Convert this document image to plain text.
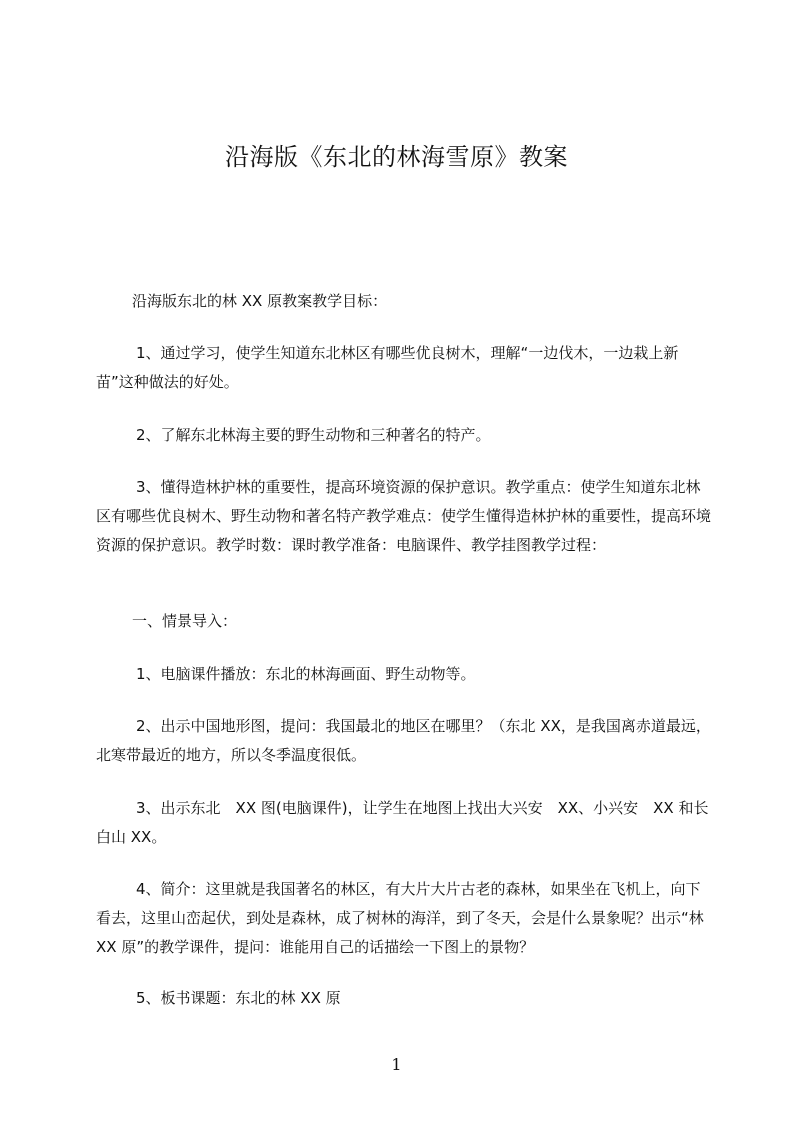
沿海版《东北的林海雪原》教案

沿海版东北的林 XX 原教案教学目标：

1、通过学习，使学生知道东北林区有哪些优良树木，理解“一边伐木，一边栽上新苗”这种做法的好处。

2、了解东北林海主要的野生动物和三种著名的特产。

3、懂得造林护林的重要性，提高环境资源的保护意识。教学重点：使学生知道东北林区有哪些优良树木、野生动物和著名特产教学难点：使学生懂得造林护林的重要性，提高环境资源的保护意识。教学时数：课时教学准备：电脑课件、教学挂图教学过程：

一、情景导入：

1、电脑课件播放：东北的林海画面、野生动物等。

2、出示中国地形图，提问：我国最北的地区在哪里？（东北 XX，是我国离赤道最远，北寒带最近的地方，所以冬季温度很低。

3、出示东北　XX 图(电脑课件)，让学生在地图上找出大兴安　XX、小兴安　XX 和长白山 XX。

4、简介：这里就是我国著名的林区，有大片大片古老的森林，如果坐在飞机上，向下看去，这里山峦起伏，到处是森林，成了树林的海洋，到了冬天，会是什么景象呢？出示“林 XX 原”的教学课件，提问：谁能用自己的话描绘一下图上的景物？

5、板书课题：东北的林 XX 原

1
